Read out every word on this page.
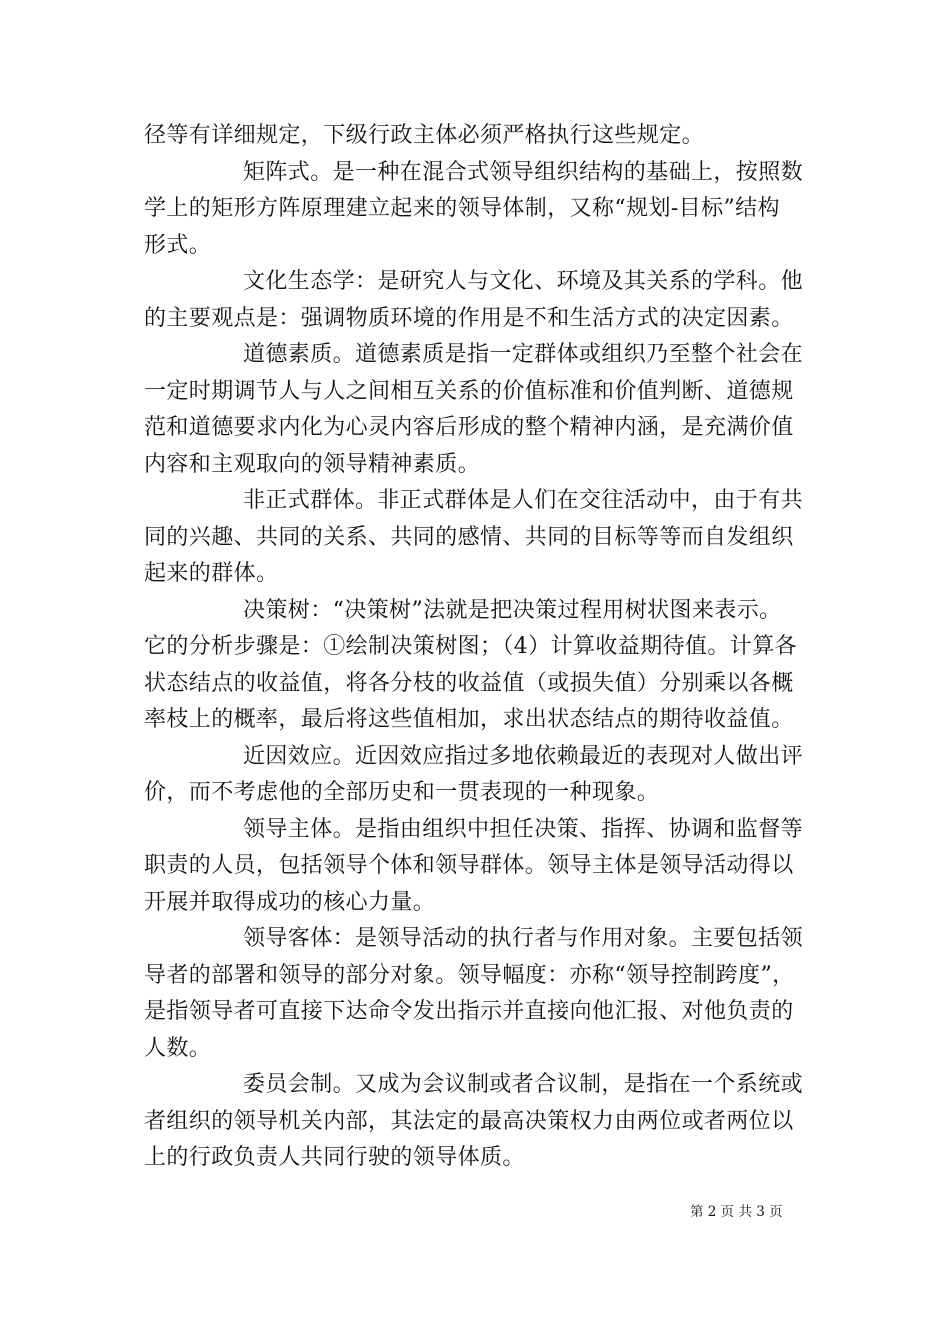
径等有详细规定，下级行政主体必须严格执行这些规定。
矩阵式。是一种在混合式领导组织结构的基础上，按照数
学上的矩形方阵原理建立起来的领导体制，又称“规划-目标”结构
形式。
文化生态学：是研究人与文化、环境及其关系的学科。他
的主要观点是：强调物质环境的作用是不和生活方式的决定因素。
道德素质。道德素质是指一定群体或组织乃至整个社会在
一定时期调节人与人之间相互关系的价值标准和价值判断、道德规
范和道德要求内化为心灵内容后形成的整个精神内涵，是充满价值
内容和主观取向的领导精神素质。
非正式群体。非正式群体是人们在交往活动中，由于有共
同的兴趣、共同的关系、共同的感情、共同的目标等等而自发组织
起来的群体。
决策树：“决策树”法就是把决策过程用树状图来表示。
它的分析步骤是：①绘制决策树图；（4）计算收益期待值。计算各
状态结点的收益值，将各分枝的收益值（或损失值）分别乘以各概
率枝上的概率，最后将这些值相加，求出状态结点的期待收益值。
近因效应。近因效应指过多地依赖最近的表现对人做出评
价，而不考虑他的全部历史和一贯表现的一种现象。
领导主体。是指由组织中担任决策、指挥、协调和监督等
职责的人员，包括领导个体和领导群体。领导主体是领导活动得以
开展并取得成功的核心力量。
领导客体：是领导活动的执行者与作用对象。主要包括领
导者的部署和领导的部分对象。领导幅度：亦称“领导控制跨度”，
是指领导者可直接下达命令发出指示并直接向他汇报、对他负责的
人数。
委员会制。又成为会议制或者合议制，是指在一个系统或
者组织的领导机关内部，其法定的最高决策权力由两位或者两位以
上的行政负责人共同行驶的领导体质。
第 2 页 共 3 页
